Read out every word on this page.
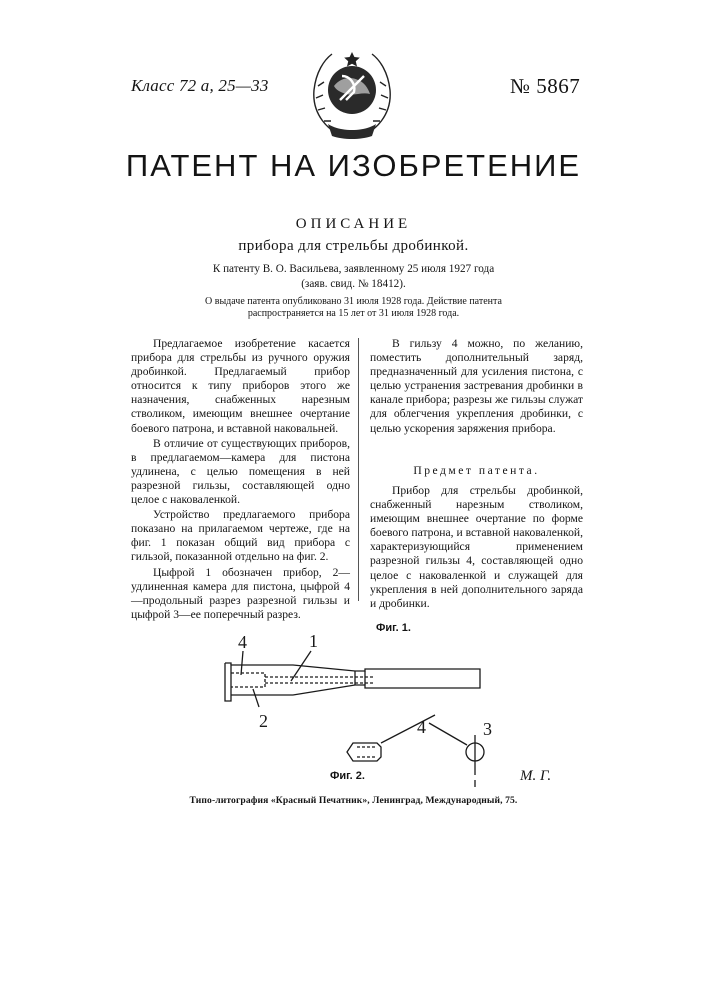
Класс 72 а, 25—33	№ 5867
ПАТЕНТ НА ИЗОБРЕТЕНИЕ
ОПИСАНИЕ
прибора для стрельбы дробинкой.
К патенту В. О. Васильева, заявленному 25 июля 1927 года
(заяв. свид. № 18412).
О выдаче патента опубликовано 31 июля 1928 года. Действие патента
распространяется на 15 лет от 31 июля 1928 года.

Предлагаемое изобретение касается прибора для стрельбы из ручного оружия дробинкой. Предлагаемый прибор относится к типу приборов этого же назначения, снабженных нарезным стволиком, имеющим внешнее очертание боевого патрона, и вставной наковальней.

В отличие от существующих приборов, в предлагаемом—камера для пистона удлинена, с целью помещения в ней разрезной гильзы, составляющей одно целое с наковаленкой.

Устройство предлагаемого прибора показано на прилагаемом чертеже, где на фиг. 1 показан общий вид прибора с гильзой, показанной отдельно на фиг. 2.

Цыфрой 1 обозначен прибор, 2—удлиненная камера для пистона, цыфрой 4—продольный разрез разрезной гильзы и цыфрой 3—ее поперечный разрез.

В гильзу 4 можно, по желанию, поместить дополнительный заряд, предназначенный для усиления пистона, с целью устранения застревания дробинки в канале прибора; разрезы же гильзы служат для облегчения укрепления дробинки, с целью ускорения заряжения прибора.

Предмет патента.

Прибор для стрельбы дробинкой, снабженный нарезным стволиком, имеющим внешнее очертание по форме боевого патрона, и вставной наковаленкой, характеризующийся применением разрезной гильзы 4, составляющей одно целое с наковаленкой и служащей для укрепления в ней дополнительного заряда и дробинки.

4	1
2	4	3
Фиг. 1.
Фиг. 2.	М. Г.
Типо-литография «Красный Печатник», Ленинград, Международный, 75.
